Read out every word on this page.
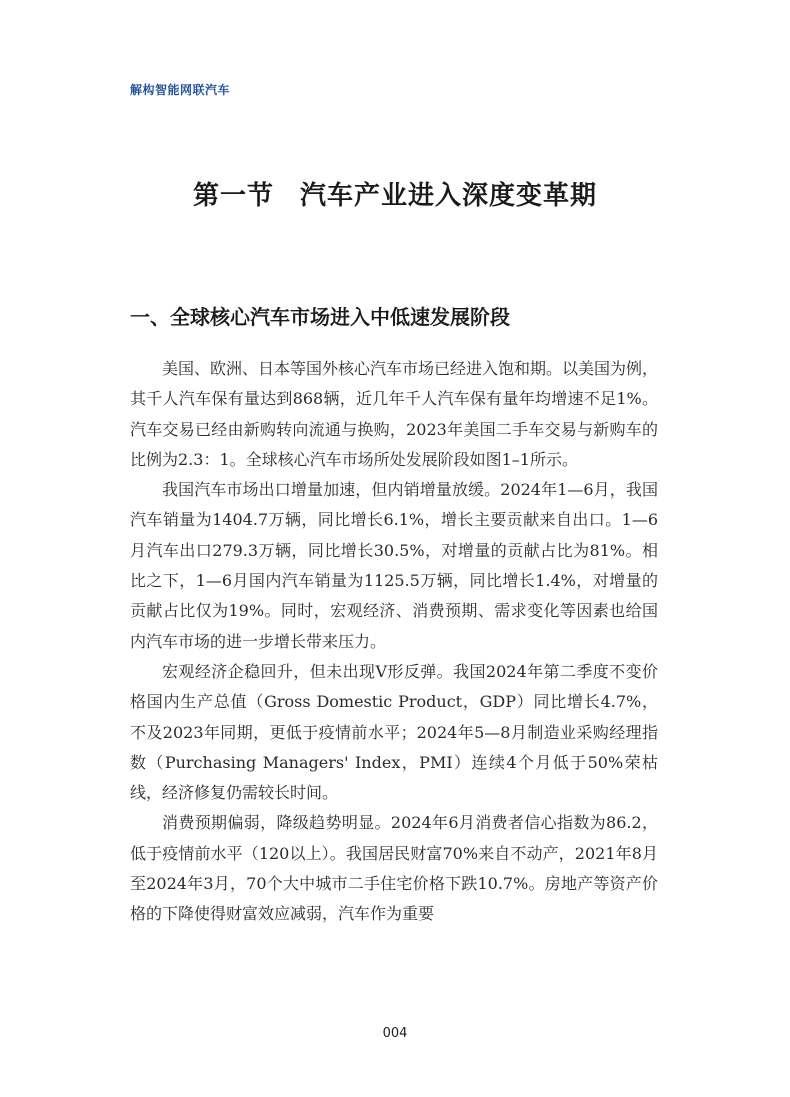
解构智能网联汽车
第一节 汽车产业进入深度变革期
一、全球核心汽车市场进入中低速发展阶段

美国、欧洲、日本等国外核心汽车市场已经进入饱和期。以美国为例，其千人汽车保有量达到868辆，近几年千人汽车保有量年均增速不足1%。汽车交易已经由新购转向流通与换购，2023年美国二手车交易与新购车的比例为2.3：1。全球核心汽车市场所处发展阶段如图1–1所示。

我国汽车市场出口增量加速，但内销增量放缓。2024年1—6月，我国汽车销量为1404.7万辆，同比增长6.1%，增长主要贡献来自出口。1—6月汽车出口279.3万辆，同比增长30.5%，对增量的贡献占比为81%。相比之下，1—6月国内汽车销量为1125.5万辆，同比增长1.4%，对增量的贡献占比仅为19%。同时，宏观经济、消费预期、需求变化等因素也给国内汽车市场的进一步增长带来压力。

宏观经济企稳回升，但未出现V形反弹。我国2024年第二季度不变价格国内生产总值（Gross Domestic Product，GDP）同比增长4.7%，不及2023年同期，更低于疫情前水平；2024年5—8月制造业采购经理指数（Purchasing Managers' Index，PMI）连续4个月低于50%荣枯线，经济修复仍需较长时间。

消费预期偏弱，降级趋势明显。2024年6月消费者信心指数为86.2，低于疫情前水平（120以上）。我国居民财富70%来自不动产，2021年8月至2024年3月，70个大中城市二手住宅价格下跌10.7%。房地产等资产价格的下降使得财富效应减弱，汽车作为重要

004
